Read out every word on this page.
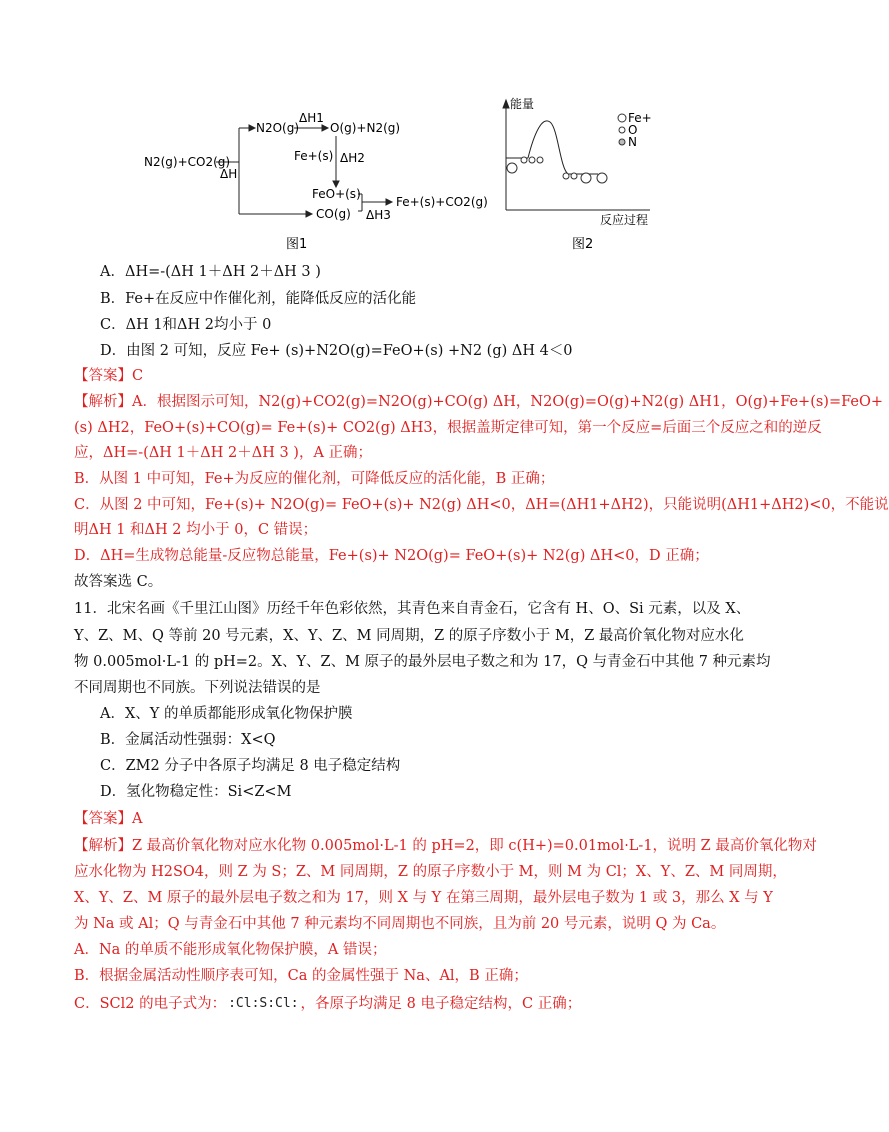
N2(g)+CO2(g)
ΔH
N2O(g)
ΔH1
O(g)+N2(g)
Fe+(s) ΔH2
FeO+(s)
CO(g) ΔH3
Fe+(s)+CO2(g)
图1
Fe+
O
N
能量
反应过程
图2
A．ΔH=-(ΔH 1＋ΔH 2＋ΔH 3 )
B．Fe+在反应中作催化剂，能降低反应的活化能
C．ΔH 1和ΔH 2均小于 0
D．由图 2 可知，反应 Fe+ (s)+N2O(g)=FeO+(s) +N2 (g) ΔH 4＜0
【答案】C
【解析】A．根据图示可知，N2(g)+CO2(g)=N2O(g)+CO(g) ΔH，N2O(g)=O(g)+N2(g) ΔH1，O(g)+Fe+(s)=FeO+
(s) ΔH2，FeO+(s)+CO(g)= Fe+(s)+ CO2(g) ΔH3，根据盖斯定律可知，第一个反应=后面三个反应之和的逆反
应，ΔH=-(ΔH 1＋ΔH 2＋ΔH 3 )，A 正确；
B．从图 1 中可知，Fe+为反应的催化剂，可降低反应的活化能，B 正确；
C．从图 2 中可知，Fe+(s)+ N2O(g)= FeO+(s)+ N2(g) ΔH<0，ΔH=(ΔH1+ΔH2)，只能说明(ΔH1+ΔH2)<0，不能说
明ΔH 1 和ΔH 2 均小于 0，C 错误；
D．ΔH=生成物总能量-反应物总能量，Fe+(s)+ N2O(g)= FeO+(s)+ N2(g) ΔH<0，D 正确；
故答案选 C。
11．北宋名画《千里江山图》历经千年色彩依然，其青色来自青金石，它含有 H、O、Si 元素，以及 X、
Y、Z、M、Q 等前 20 号元素，X、Y、Z、M 同周期，Z 的原子序数小于 M，Z 最高价氧化物对应水化
物 0.005mol·L-1 的 pH=2。X、Y、Z、M 原子的最外层电子数之和为 17，Q 与青金石中其他 7 种元素均
不同周期也不同族。下列说法错误的是
A．X、Y 的单质都能形成氧化物保护膜
B．金属活动性强弱：X<Q
C．ZM2 分子中各原子均满足 8 电子稳定结构
D．氢化物稳定性：Si<Z<M
【答案】A
【解析】Z 最高价氧化物对应水化物 0.005mol·L-1 的 pH=2，即 c(H+)=0.01mol·L-1，说明 Z 最高价氧化物对
应水化物为 H2SO4，则 Z 为 S；Z、M 同周期，Z 的原子序数小于 M，则 M 为 Cl；X、Y、Z、M 同周期，
X、Y、Z、M 原子的最外层电子数之和为 17，则 X 与 Y 在第三周期，最外层电子数为 1 或 3，那么 X 与 Y
为 Na 或 Al；Q 与青金石中其他 7 种元素均不同周期也不同族，且为前 20 号元素，说明 Q 为 Ca。
A．Na 的单质不能形成氧化物保护膜，A 错误；
B．根据金属活动性顺序表可知，Ca 的金属性强于 Na、Al，B 正确；
C．SCl2 的电子式为： :Cl:S:Cl: ，各原子均满足 8 电子稳定结构，C 正确；
